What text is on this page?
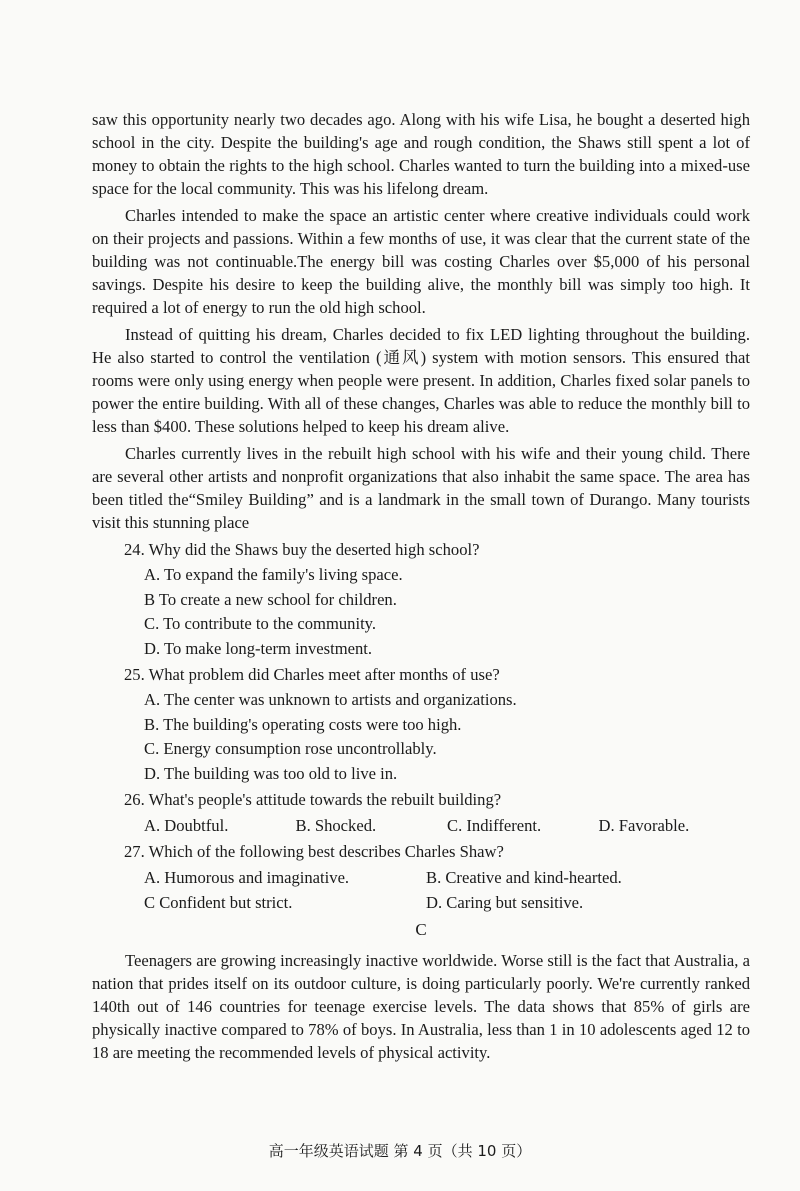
saw this opportunity nearly two decades ago. Along with his wife Lisa, he bought a deserted high school in the city. Despite the building's age and rough condition, the Shaws still spent a lot of money to obtain the rights to the high school. Charles wanted to turn the building into a mixed-use space for the local community. This was his lifelong dream.

Charles intended to make the space an artistic center where creative individuals could work on their projects and passions. Within a few months of use, it was clear that the current state of the building was not continuable.The energy bill was costing Charles over $5,000 of his personal savings. Despite his desire to keep the building alive, the monthly bill was simply too high. It required a lot of energy to run the old high school.

Instead of quitting his dream, Charles decided to fix LED lighting throughout the building. He also started to control the ventilation (通风) system with motion sensors. This ensured that rooms were only using energy when people were present. In addition, Charles fixed solar panels to power the entire building. With all of these changes, Charles was able to reduce the monthly bill to less than $400. These solutions helped to keep his dream alive.

Charles currently lives in the rebuilt high school with his wife and their young child. There are several other artists and nonprofit organizations that also inhabit the same space. The area has been titled the“Smiley Building” and is a landmark in the small town of Durango. Many tourists visit this stunning place

24. Why did the Shaws buy the deserted high school?

A. To expand the family's living space.

B To create a new school for children.

C. To contribute to the community.

D. To make long-term investment.

25. What problem did Charles meet after months of use?

A. The center was unknown to artists and organizations.

B. The building's operating costs were too high.

C. Energy consumption rose uncontrollably.

D. The building was too old to live in.

26. What's people's attitude towards the rebuilt building?

A. Doubtful.	B. Shocked.	C. Indifferent.	D. Favorable.

27. Which of the following best describes Charles Shaw?

A. Humorous and imaginative.	B. Creative and kind-hearted.
C Confident but strict.	D. Caring but sensitive.
C

Teenagers are growing increasingly inactive worldwide. Worse still is the fact that Australia, a nation that prides itself on its outdoor culture, is doing particularly poorly. We're currently ranked 140th out of 146 countries for teenage exercise levels. The data shows that 85% of girls are physically inactive compared to 78% of boys. In Australia, less than 1 in 10 adolescents aged 12 to 18 are meeting the recommended levels of physical activity.

高一年级英语试题 第 4 页（共 10 页）
